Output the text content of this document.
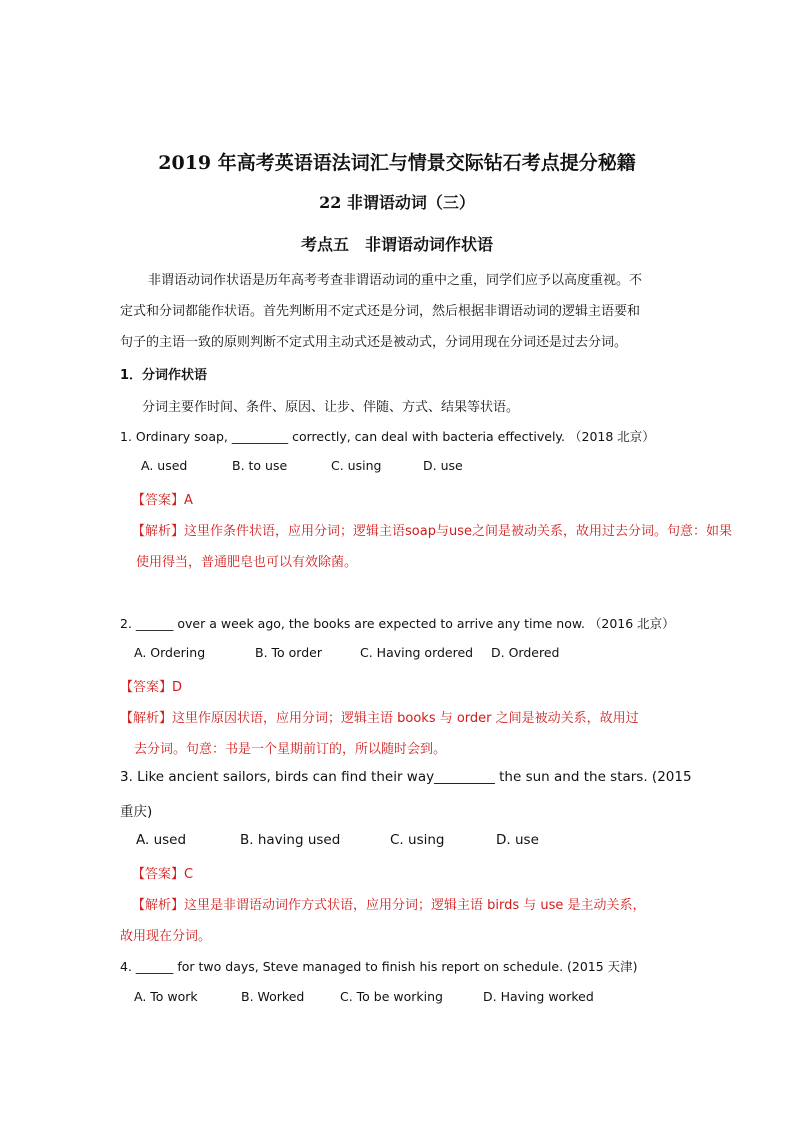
2019 年高考英语语法词汇与情景交际钻石考点提分秘籍
22 非谓语动词（三）
考点五　非谓语动词作状语
非谓语动词作状语是历年高考考查非谓语动词的重中之重，同学们应予以高度重视。不
定式和分词都能作状语。首先判断用不定式还是分词，然后根据非谓语动词的逻辑主语要和
句子的主语一致的原则判断不定式用主动式还是被动式，分词用现在分词还是过去分词。
1．分词作状语
分词主要作时间、条件、原因、让步、伴随、方式、结果等状语。
1. Ordinary soap, _________ correctly, can deal with bacteria effectively. （2018 北京）
A. used	B. to use	C. using	D. use
【答案】A
【解析】这里作条件状语，应用分词；逻辑主语soap与use之间是被动关系，故用过去分词。句意：如果
使用得当，普通肥皂也可以有效除菌。
2. ______ over a week ago, the books are expected to arrive any time now. （2016 北京）
A. Ordering	B. To order	C. Having ordered D. Ordered
【答案】D
【解析】这里作原因状语，应用分词；逻辑主语 books 与 order 之间是被动关系，故用过
去分词。句意：书是一个星期前订的，所以随时会到。
3. Like ancient sailors, birds can find their way_________ the sun and the stars. (2015
重庆)
A. used	B. having used	C. using	D. use
【答案】C
【解析】这里是非谓语动词作方式状语，应用分词；逻辑主语 birds 与 use 是主动关系，
故用现在分词。
4. ______ for two days, Steve managed to finish his report on schedule. (2015 天津)
A. To work	B. Worked	C. To be working	D. Having worked
